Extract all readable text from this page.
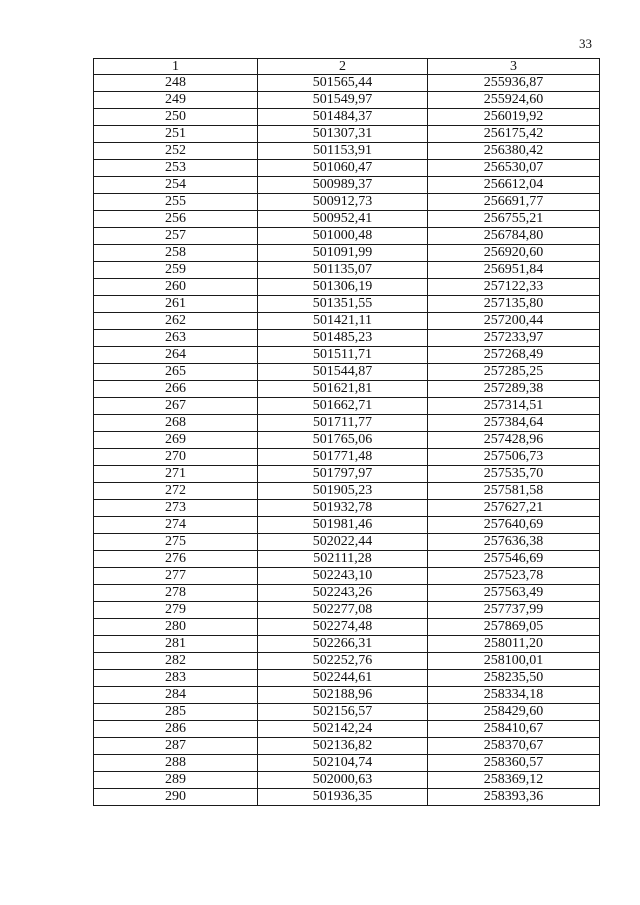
33
1	2	3
248	501565,44	255936,87
249	501549,97	255924,60
250	501484,37	256019,92
251	501307,31	256175,42
252	501153,91	256380,42
253	501060,47	256530,07
254	500989,37	256612,04
255	500912,73	256691,77
256	500952,41	256755,21
257	501000,48	256784,80
258	501091,99	256920,60
259	501135,07	256951,84
260	501306,19	257122,33
261	501351,55	257135,80
262	501421,11	257200,44
263	501485,23	257233,97
264	501511,71	257268,49
265	501544,87	257285,25
266	501621,81	257289,38
267	501662,71	257314,51
268	501711,77	257384,64
269	501765,06	257428,96
270	501771,48	257506,73
271	501797,97	257535,70
272	501905,23	257581,58
273	501932,78	257627,21
274	501981,46	257640,69
275	502022,44	257636,38
276	502111,28	257546,69
277	502243,10	257523,78
278	502243,26	257563,49
279	502277,08	257737,99
280	502274,48	257869,05
281	502266,31	258011,20
282	502252,76	258100,01
283	502244,61	258235,50
284	502188,96	258334,18
285	502156,57	258429,60
286	502142,24	258410,67
287	502136,82	258370,67
288	502104,74	258360,57
289	502000,63	258369,12
290	501936,35	258393,36
